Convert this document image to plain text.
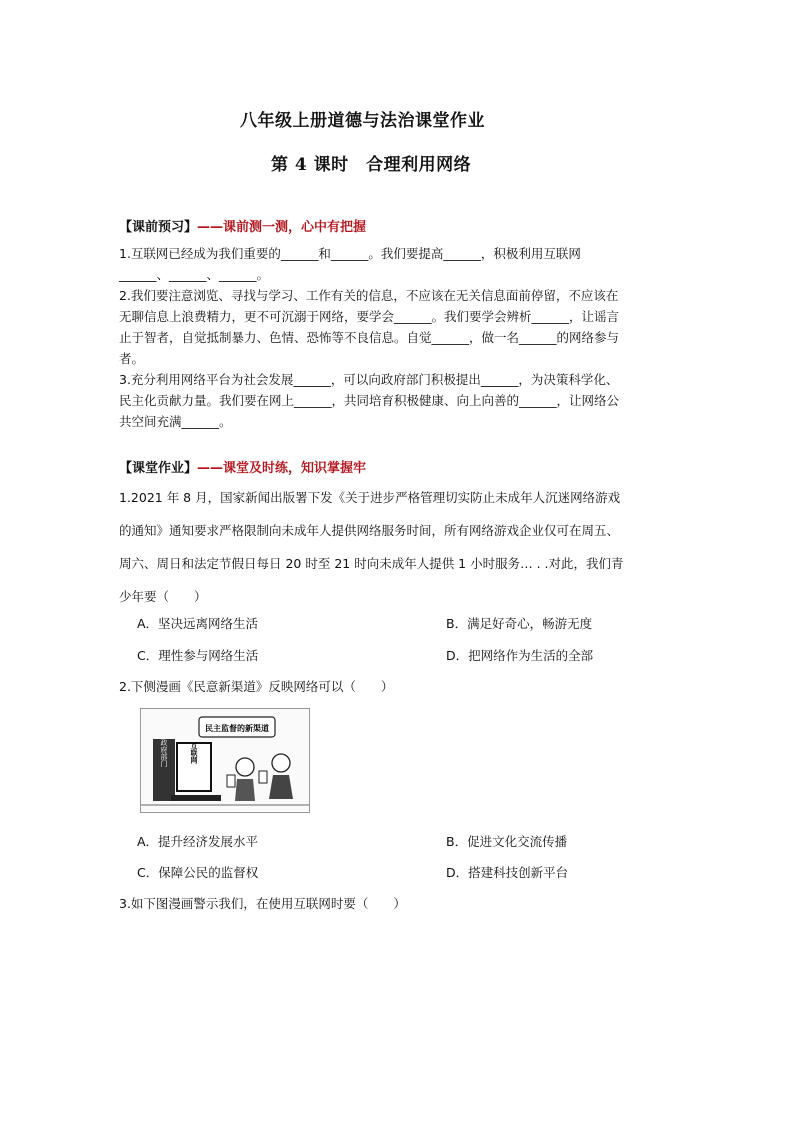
八年级上册道德与法治课堂作业
第 4 课时　合理利用网络
【课前预习】——课前测一测，心中有把握
1.互联网已经成为我们重要的______和______。我们要提高______，积极利用互联网
______、______、______。
2.我们要注意浏览、寻找与学习、工作有关的信息，不应该在无关信息面前停留，不应该在
无聊信息上浪费精力，更不可沉溺于网络，要学会______。我们要学会辨析______，让谣言
止于智者，自觉抵制暴力、色情、恐怖等不良信息。自觉______，做一名______的网络参与
者。
3.充分利用网络平台为社会发展______，可以向政府部门积极提出______，为决策科学化、
民主化贡献力量。我们要在网上______，共同培育积极健康、向上向善的______，让网络公
共空间充满______。
【课堂作业】——课堂及时练，知识掌握牢
1.2021 年 8 月，国家新闻出版署下发《关于进步严格管理切实防止未成年人沉迷网络游戏
的通知》通知要求严格限制向未成年人提供网络服务时间，所有网络游戏企业仅可在周五、
周六、周日和法定节假日每日 20 时至 21 时向未成年人提供 1 小时服务… . .对此，我们青
少年要（　　）
A．坚决远离网络生活	B．满足好奇心，畅游无度
C．理性参与网络生活	D．把网络作为生活的全部
2.下侧漫画《民意新渠道》反映网络可以（　　）
民主监督的新渠道
政府部门	互联网
A．提升经济发展水平	B．促进文化交流传播
C．保障公民的监督权	D．搭建科技创新平台
3.如下图漫画警示我们，在使用互联网时要（　　）
